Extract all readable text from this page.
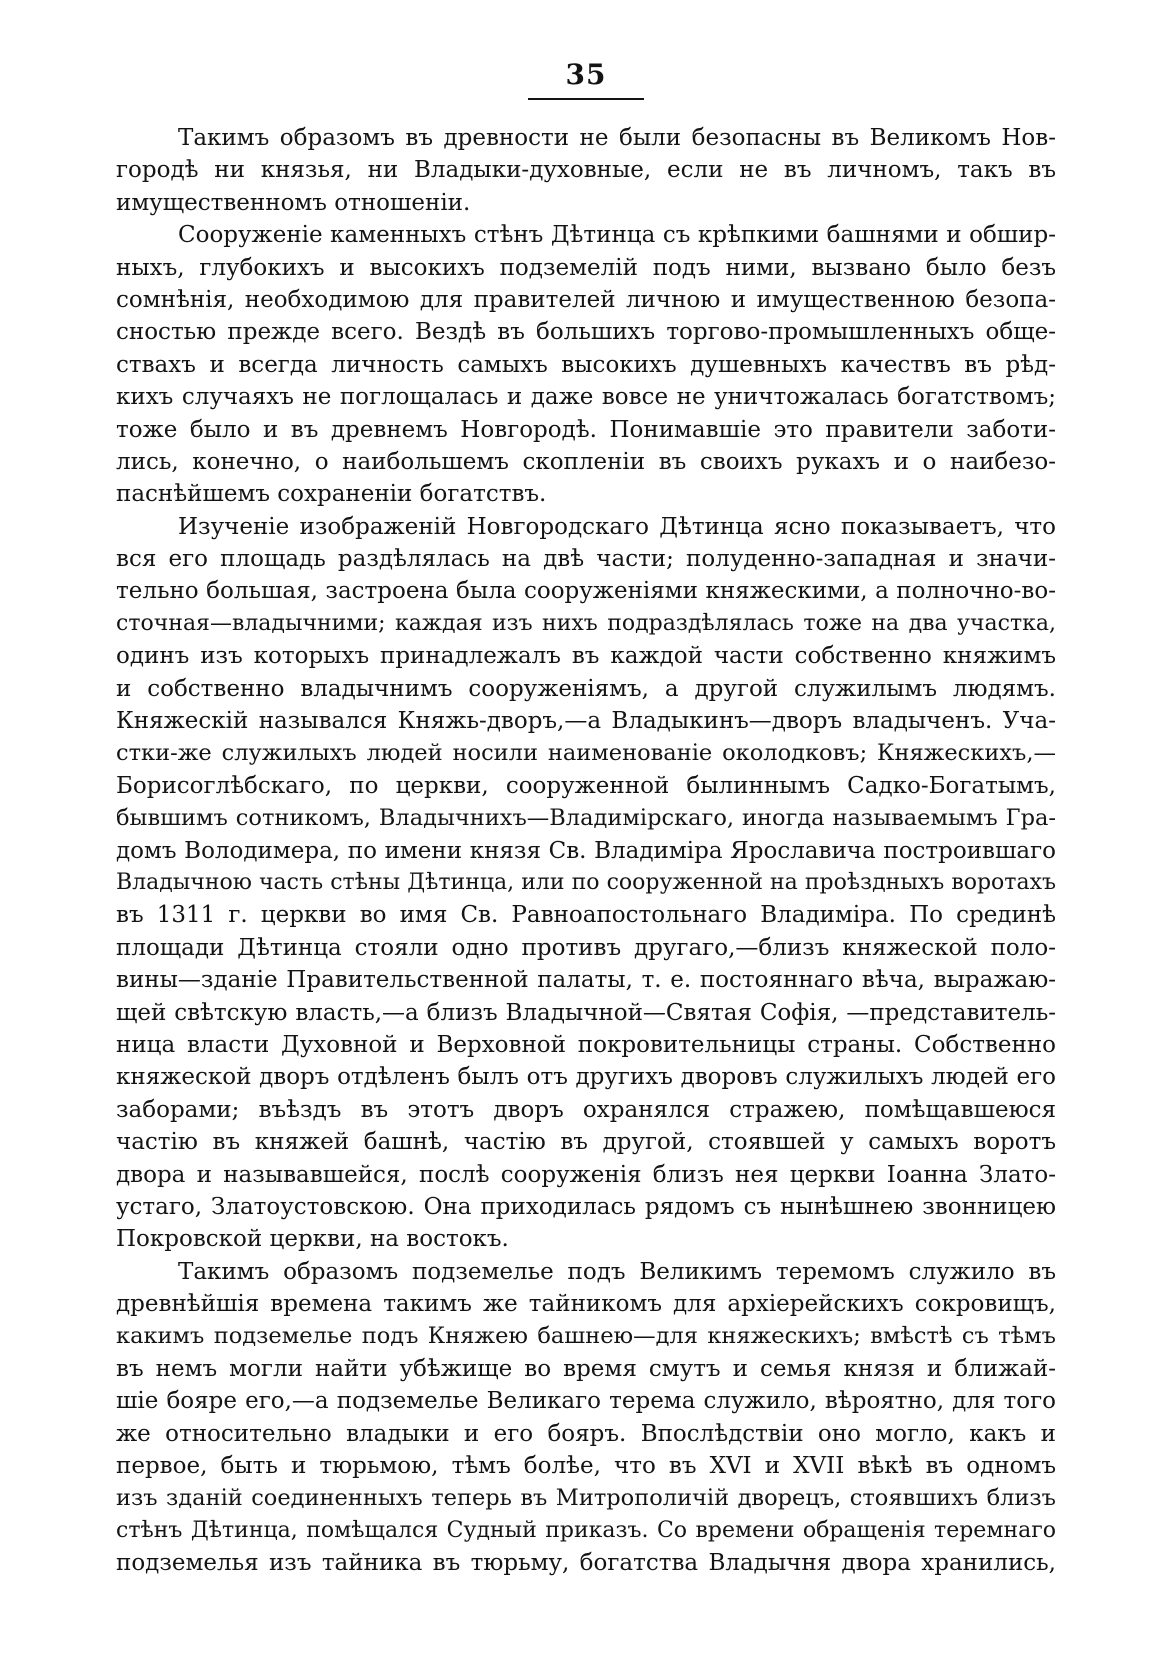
35
Такимъ образомъ въ древности не были безопасны въ Великомъ Нов-
городѣ ни князья, ни Владыки-духовные, если не въ личномъ, такъ въ
имущественномъ отношенiи.
Сооруженiе каменныхъ стѣнъ Дѣтинца съ крѣпкими башнями и обшир-
ныхъ, глубокихъ и высокихъ подземелiй подъ ними, вызвано было безъ
сомнѣнiя, необходимою для правителей личною и имущественною безопа-
сностью прежде всего. Вездѣ въ большихъ торгово-промышленныхъ обще-
ствахъ и всегда личность самыхъ высокихъ душевныхъ качествъ въ рѣд-
кихъ случаяхъ не поглощалась и даже вовсе не уничтожалась богатствомъ;
тоже было и въ древнемъ Новгородѣ. Понимавшiе это правители заботи-
лись, конечно, о наибольшемъ скопленiи въ своихъ рукахъ и о наибезо-
паснѣйшемъ сохраненiи богатствъ.
Изученiе изображенiй Новгородскаго Дѣтинца ясно показываетъ, что
вся его площадь раздѣлялась на двѣ части; полуденно-западная и значи-
тельно большая, застроена была сооруженiями княжескими, а полночно-во-
сточная—владычними; каждая изъ нихъ подраздѣлялась тоже на два участка,
одинъ изъ которыхъ принадлежалъ въ каждой части собственно княжимъ
и собственно владычнимъ сооруженiямъ, а другой служилымъ людямъ.
Княжескiй назывался Княжь-дворъ,—а Владыкинъ—дворъ владыченъ. Уча-
стки-же служилыхъ людей носили наименованiе околодковъ; Княжескихъ,—
Борисоглѣбскаго, по церкви, сооруженной былиннымъ Садко-Богатымъ,
бывшимъ сотникомъ, Владычнихъ—Владимiрскаго, иногда называемымъ Гра-
домъ Володимера, по имени князя Св. Владимiра Ярославича построившаго
Владычною часть стѣны Дѣтинца, или по сооруженной на проѣздныхъ воротахъ
въ 1311 г. церкви во имя Св. Равноапостольнаго Владимiра. По срединѣ
площади Дѣтинца стояли одно противъ другаго,—близъ княжеской поло-
вины—зданiе Правительственной палаты, т. е. постояннаго вѣча, выражаю-
щей свѣтскую власть,—а близъ Владычной—Святая Софiя, —представитель-
ница власти Духовной и Верховной покровительницы страны. Собственно
княжеской дворъ отдѣленъ былъ отъ другихъ дворовъ служилыхъ людей его
заборами; въѣздъ въ этотъ дворъ охранялся стражею, помѣщавшеюся
частiю въ княжей башнѣ, частiю въ другой, стоявшей у самыхъ воротъ
двора и называвшейся, послѣ сооруженiя близъ нея церкви Iоанна Злато-
устаго, Златоустовскою. Она приходилась рядомъ съ нынѣшнею звонницею
Покровской церкви, на востокъ.
Такимъ образомъ подземелье подъ Великимъ теремомъ служило въ
древнѣйшiя времена такимъ же тайникомъ для архiерейскихъ сокровищъ,
какимъ подземелье подъ Княжею башнею—для княжескихъ; вмѣстѣ съ тѣмъ
въ немъ могли найти убѣжище во время смутъ и семья князя и ближай-
шiе бояре его,—а подземелье Великаго терема служило, вѣроятно, для того
же относительно владыки и его бояръ. Впослѣдствiи оно могло, какъ и
первое, быть и тюрьмою, тѣмъ болѣе, что въ XVI и XVII вѣкѣ въ одномъ
изъ зданiй соединенныхъ теперь въ Митрополичiй дворецъ, стоявшихъ близъ
стѣнъ Дѣтинца, помѣщался Судный приказъ. Со времени обращенiя теремнаго
подземелья изъ тайника въ тюрьму, богатства Владычня двора хранились,
